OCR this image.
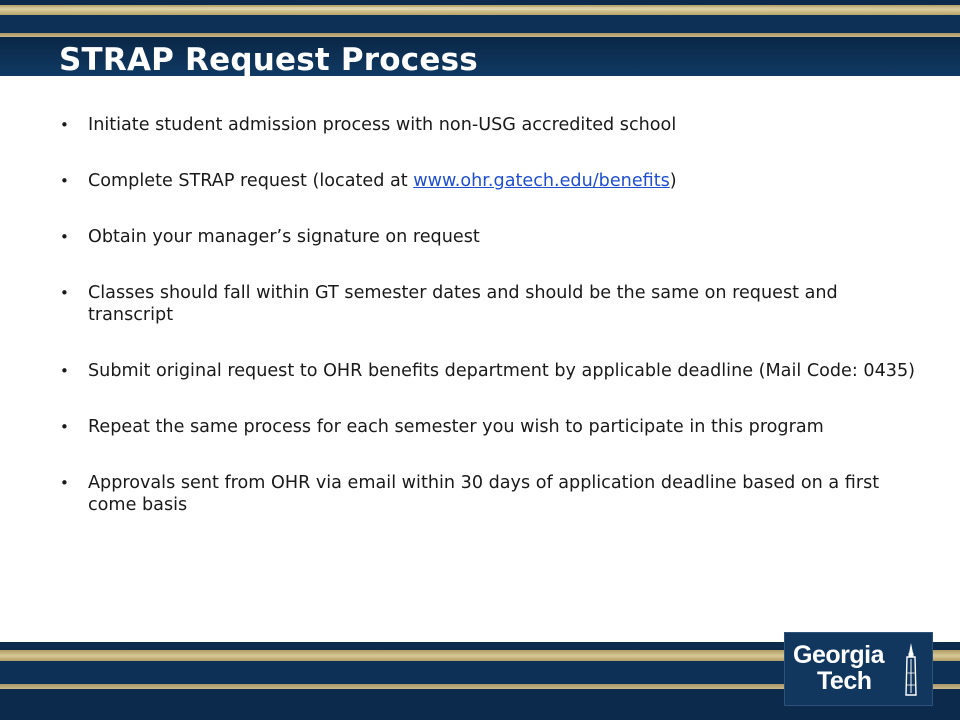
STRAP Request Process
• Initiate student admission process with non-USG accredited school
• Complete STRAP request (located at www.ohr.gatech.edu/benefits)
• Obtain your manager’s signature on request
• Classes should fall within GT semester dates and should be the same on request and transcript
• Submit original request to OHR benefits department by applicable deadline (Mail Code: 0435)
• Repeat the same process for each semester you wish to participate in this program
• Approvals sent from OHR via email within 30 days of application deadline based on a first come basis
Georgia
Tech
